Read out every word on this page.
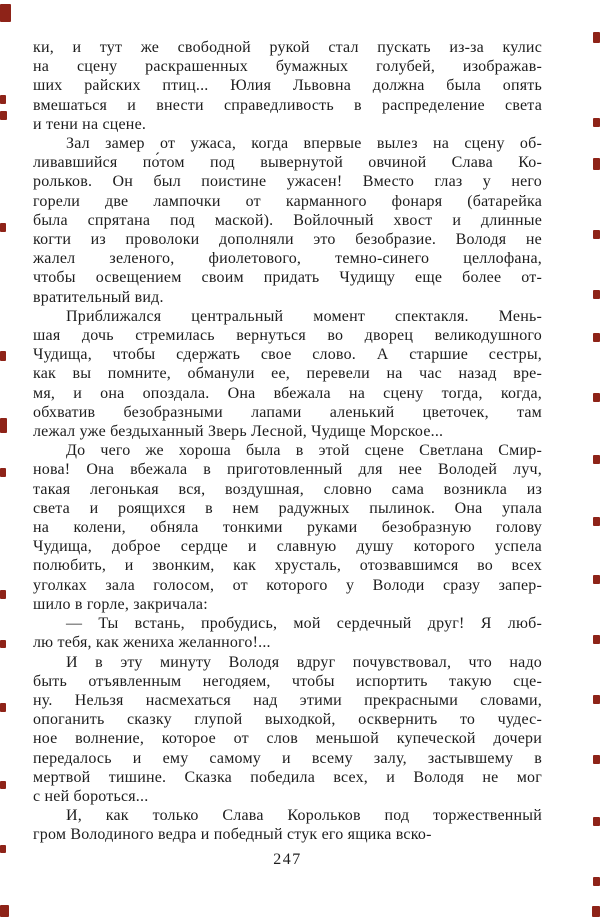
ки, и тут же свободной рукой стал пускать из-за кулис
на сцену раскрашенных бумажных голубей, изображав-
ших райских птиц... Юлия Львовна должна была опять
вмешаться и внести справедливость в распределение света
и тени на сцене.
Зал замер от ужаса, когда впервые вылез на сцену об-
ливавшийся по́том под вывернутой овчиной Слава Ко-
рольков. Он был поистине ужасен! Вместо глаз у него
горели две лампочки от карманного фонаря (батарейка
была спрятана под маской). Войлочный хвост и длинные
когти из проволоки дополняли это безобразие. Володя не
жалел зеленого, фиолетового, темно-синего целлофана,
чтобы освещением своим придать Чудищу еще более от-
вратительный вид.
Приближался центральный момент спектакля. Мень-
шая дочь стремилась вернуться во дворец великодушного
Чудища, чтобы сдержать свое слово. А старшие сестры,
как вы помните, обманули ее, перевели на час назад вре-
мя, и она опоздала. Она вбежала на сцену тогда, когда,
обхватив безобразными лапами аленький цветочек, там
лежал уже бездыханный Зверь Лесной, Чудище Морское...
До чего же хороша была в этой сцене Светлана Смир-
нова! Она вбежала в приготовленный для нее Володей луч,
такая легонькая вся, воздушная, словно сама возникла из
света и роящихся в нем радужных пылинок. Она упала
на колени, обняла тонкими руками безобразную голову
Чудища, доброе сердце и славную душу которого успела
полюбить, и звонким, как хрусталь, отозвавшимся во всех
уголках зала голосом, от которого у Володи сразу запер-
шило в горле, закричала:
— Ты встань, пробудись, мой сердечный друг! Я люб-
лю тебя, как жениха желанного!...
И в эту минуту Володя вдруг почувствовал, что надо
быть отъявленным негодяем, чтобы испортить такую сце-
ну. Нельзя насмехаться над этими прекрасными словами,
опоганить сказку глупой выходкой, осквернить то чудес-
ное волнение, которое от слов меньшой купеческой дочери
передалось и ему самому и всему залу, застывшему в
мертвой тишине. Сказка победила всех, и Володя не мог
с ней бороться...
И, как только Слава Корольков под торжественный
гром Володиного ведра и победный стук его ящика вско-
247
